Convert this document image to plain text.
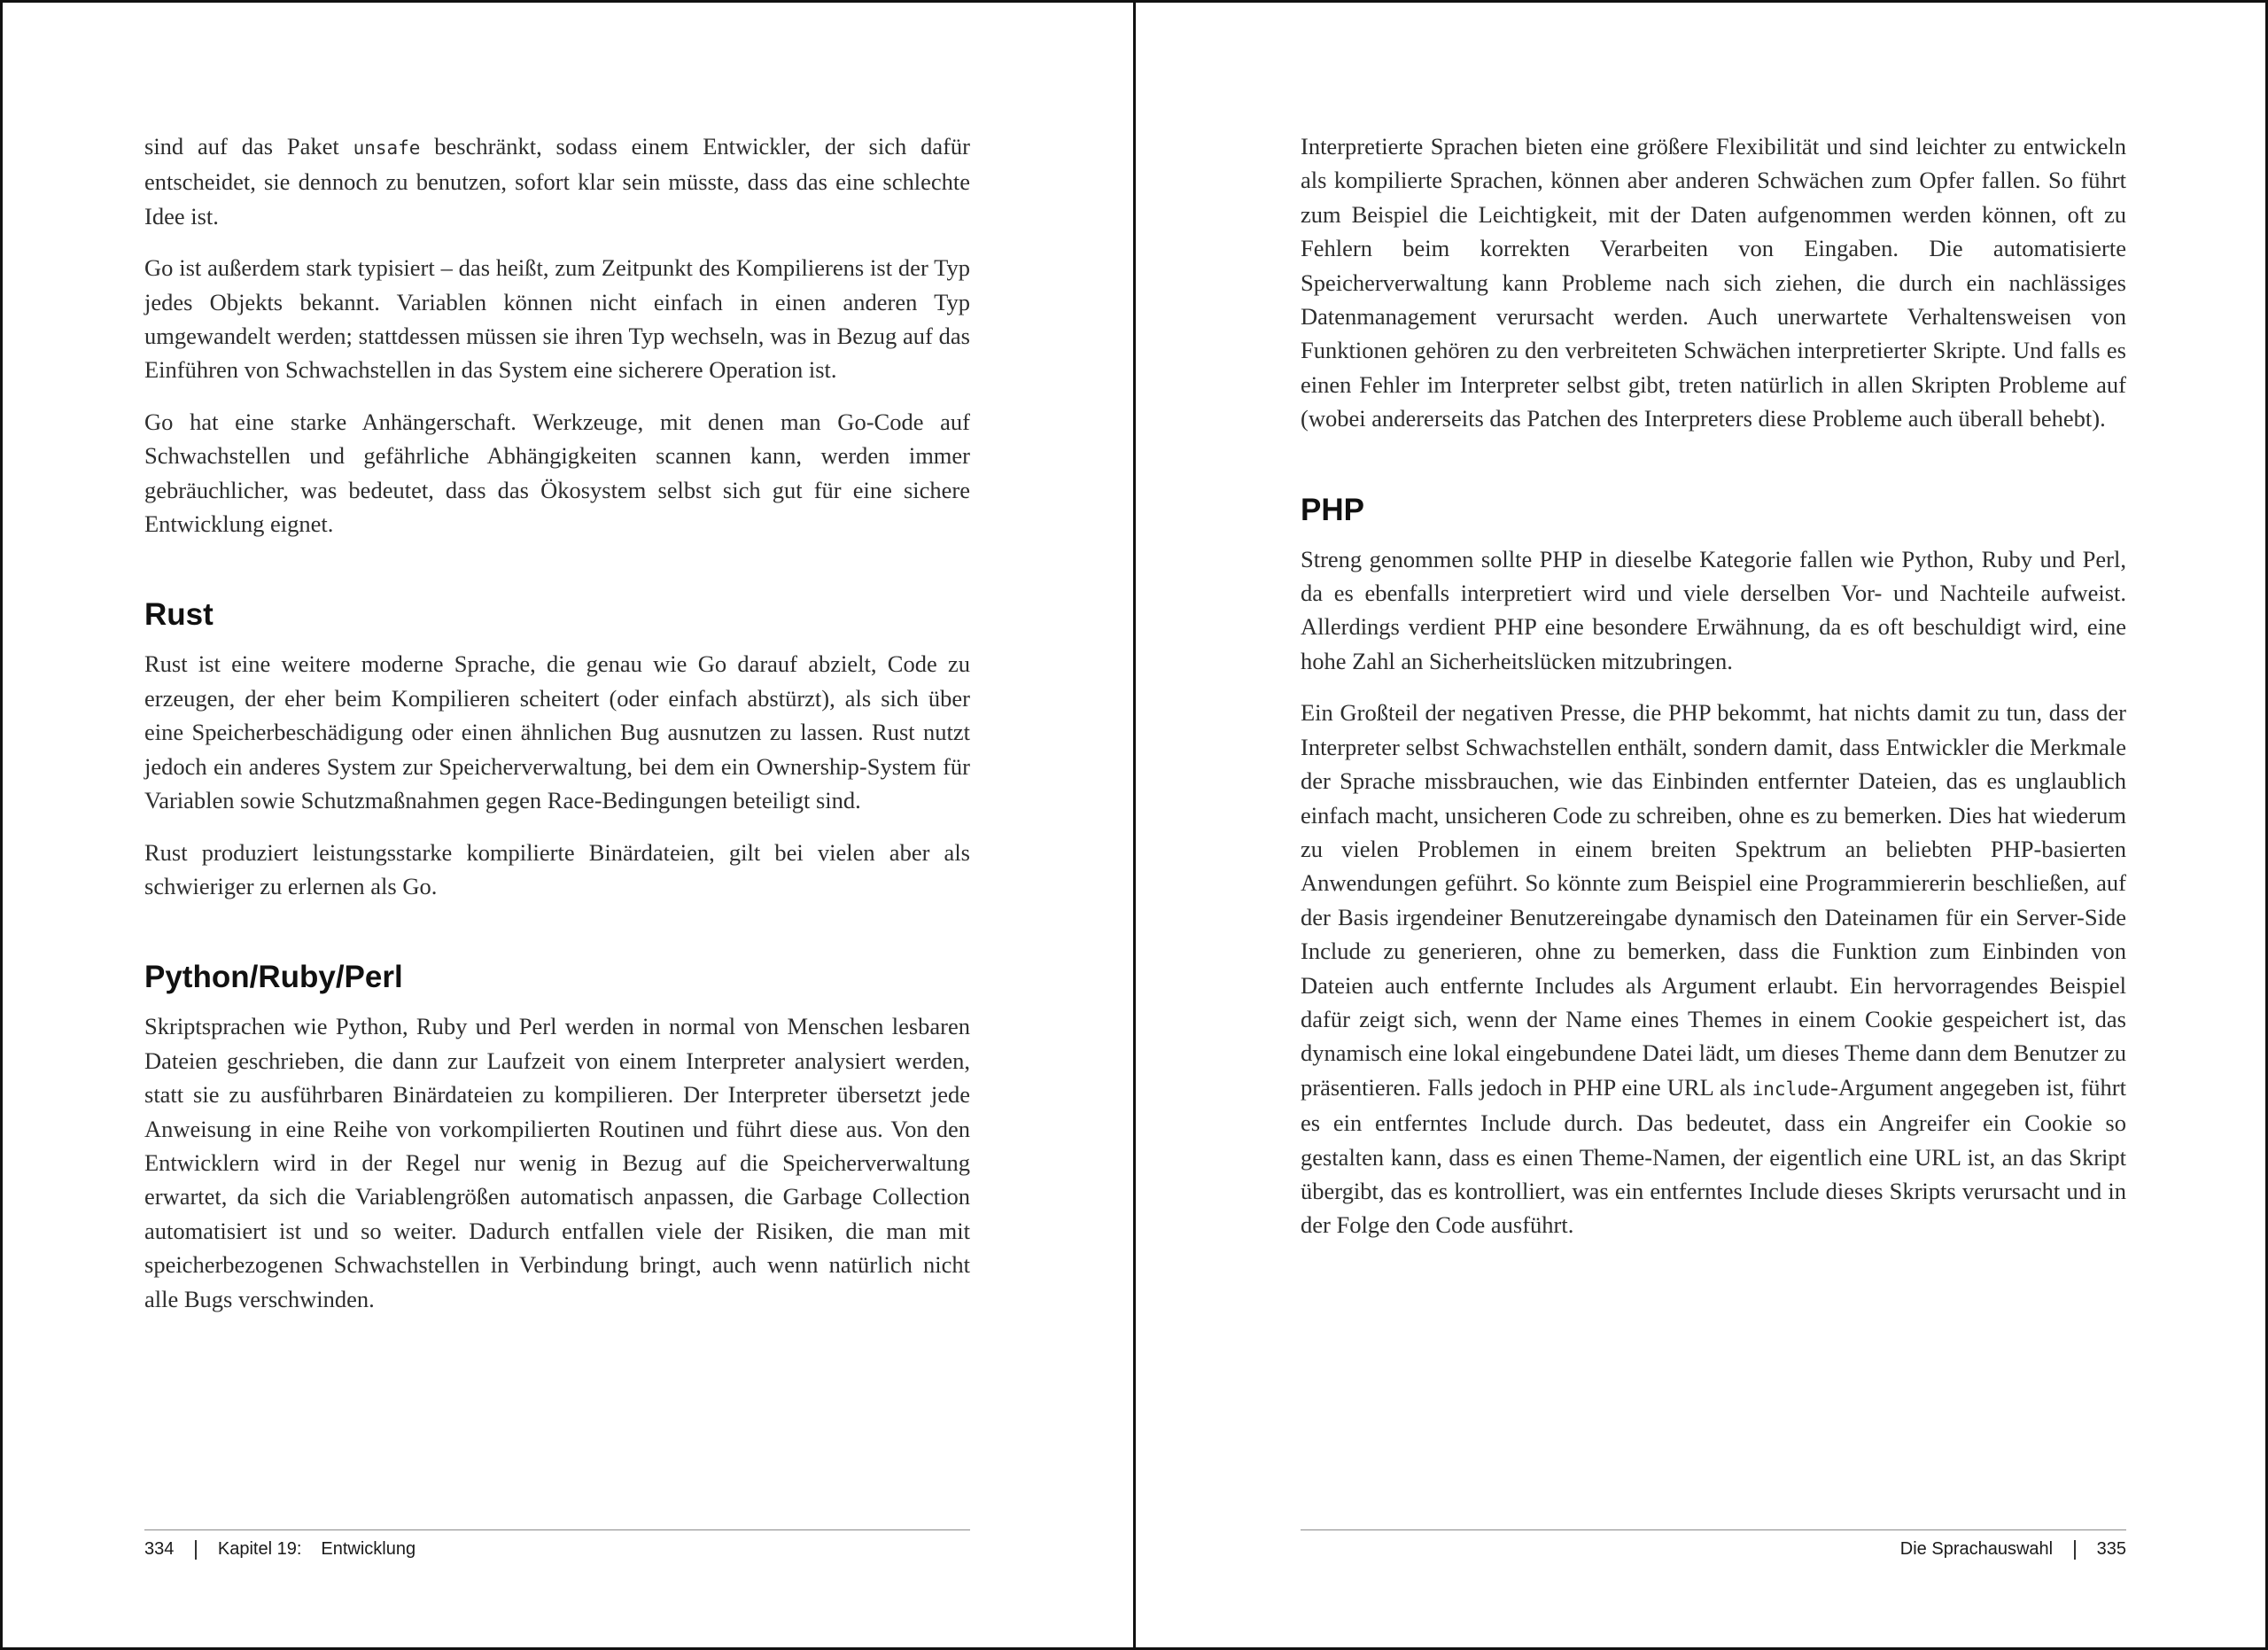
sind auf das Paket unsafe beschränkt, sodass einem Entwickler, der sich dafür entscheidet, sie dennoch zu benutzen, sofort klar sein müsste, dass das eine schlechte Idee ist.

Go ist außerdem stark typisiert – das heißt, zum Zeitpunkt des Kompilierens ist der Typ jedes Objekts bekannt. Variablen können nicht einfach in einen anderen Typ umgewandelt werden; stattdessen müssen sie ihren Typ wechseln, was in Bezug auf das Einführen von Schwachstellen in das System eine sicherere Operation ist.

Go hat eine starke Anhängerschaft. Werkzeuge, mit denen man Go-Code auf Schwachstellen und gefährliche Abhängigkeiten scannen kann, werden immer gebräuchlicher, was bedeutet, dass das Ökosystem selbst sich gut für eine sichere Entwicklung eignet.

Rust

Rust ist eine weitere moderne Sprache, die genau wie Go darauf abzielt, Code zu erzeugen, der eher beim Kompilieren scheitert (oder einfach abstürzt), als sich über eine Speicherbeschädigung oder einen ähnlichen Bug ausnutzen zu lassen. Rust nutzt jedoch ein anderes System zur Speicherverwaltung, bei dem ein Ownership-System für Variablen sowie Schutzmaßnahmen gegen Race-Bedingungen beteiligt sind.

Rust produziert leistungsstarke kompilierte Binärdateien, gilt bei vielen aber als schwieriger zu erlernen als Go.

Python/Ruby/Perl

Skriptsprachen wie Python, Ruby und Perl werden in normal von Menschen lesbaren Dateien geschrieben, die dann zur Laufzeit von einem Interpreter analysiert werden, statt sie zu ausführbaren Binärdateien zu kompilieren. Der Interpreter übersetzt jede Anweisung in eine Reihe von vorkompilierten Routinen und führt diese aus. Von den Entwicklern wird in der Regel nur wenig in Bezug auf die Speicherverwaltung erwartet, da sich die Variablengrößen automatisch anpassen, die Garbage Collection automatisiert ist und so weiter. Dadurch entfallen viele der Risiken, die man mit speicherbezogenen Schwachstellen in Verbindung bringt, auch wenn natürlich nicht alle Bugs verschwinden.

334 Kapitel 19: Entwicklung

Interpretierte Sprachen bieten eine größere Flexibilität und sind leichter zu entwickeln als kompilierte Sprachen, können aber anderen Schwächen zum Opfer fallen. So führt zum Beispiel die Leichtigkeit, mit der Daten aufgenommen werden können, oft zu Fehlern beim korrekten Verarbeiten von Eingaben. Die automatisierte Speicherverwaltung kann Probleme nach sich ziehen, die durch ein nachlässiges Datenmanagement verursacht werden. Auch unerwartete Verhaltensweisen von Funktionen gehören zu den verbreiteten Schwächen interpretierter Skripte. Und falls es einen Fehler im Interpreter selbst gibt, treten natürlich in allen Skripten Probleme auf (wobei andererseits das Patchen des Interpreters diese Probleme auch überall behebt).

PHP

Streng genommen sollte PHP in dieselbe Kategorie fallen wie Python, Ruby und Perl, da es ebenfalls interpretiert wird und viele derselben Vor- und Nachteile aufweist. Allerdings verdient PHP eine besondere Erwähnung, da es oft beschuldigt wird, eine hohe Zahl an Sicherheitslücken mitzubringen.

Ein Großteil der negativen Presse, die PHP bekommt, hat nichts damit zu tun, dass der Interpreter selbst Schwachstellen enthält, sondern damit, dass Entwickler die Merkmale der Sprache missbrauchen, wie das Einbinden entfernter Dateien, das es unglaublich einfach macht, unsicheren Code zu schreiben, ohne es zu bemerken. Dies hat wiederum zu vielen Problemen in einem breiten Spektrum an beliebten PHP-basierten Anwendungen geführt. So könnte zum Beispiel eine Programmiererin beschließen, auf der Basis irgendeiner Benutzereingabe dynamisch den Dateinamen für ein Server-Side Include zu generieren, ohne zu bemerken, dass die Funktion zum Einbinden von Dateien auch entfernte Includes als Argument erlaubt. Ein hervorragendes Beispiel dafür zeigt sich, wenn der Name eines Themes in einem Cookie gespeichert ist, das dynamisch eine lokal eingebundene Datei lädt, um dieses Theme dann dem Benutzer zu präsentieren. Falls jedoch in PHP eine URL als include-Argument angegeben ist, führt es ein entferntes Include durch. Das bedeutet, dass ein Angreifer ein Cookie so gestalten kann, dass es einen Theme-Namen, der eigentlich eine URL ist, an das Skript übergibt, das es kontrolliert, was ein entferntes Include dieses Skripts verursacht und in der Folge den Code ausführt.

Die Sprachauswahl 335
